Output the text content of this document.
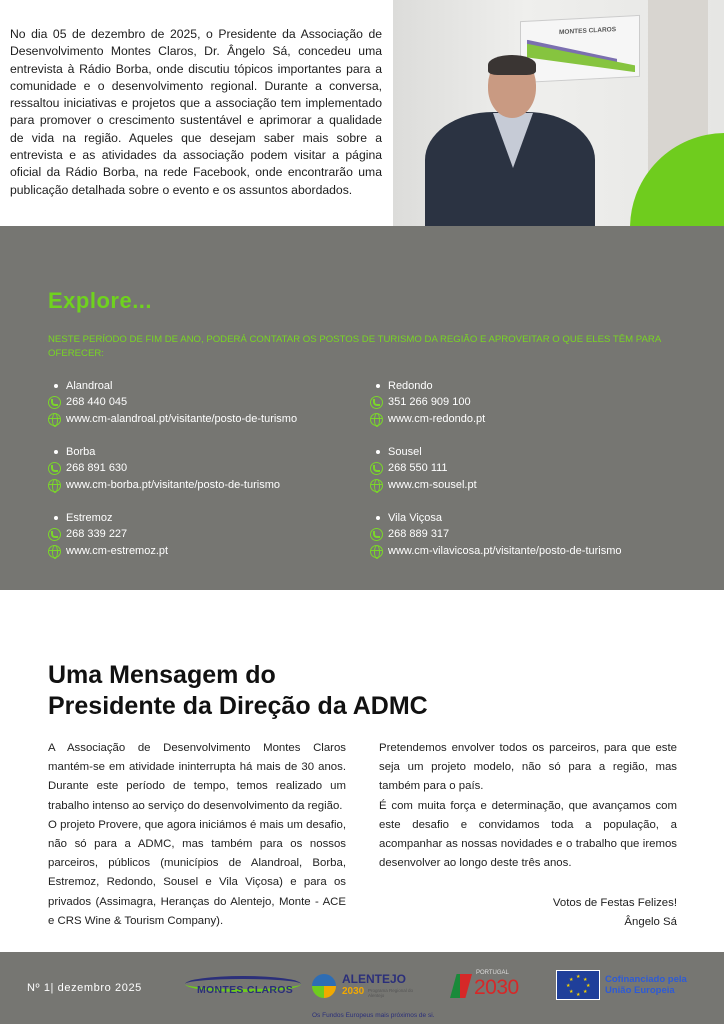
No dia 05 de dezembro de 2025, o Presidente da Associação de Desenvolvimento Montes Claros, Dr. Ângelo Sá, concedeu uma entrevista à Rádio Borba, onde discutiu tópicos importantes para a comunidade e o desenvolvimento regional. Durante a conversa, ressaltou iniciativas e projetos que a associação tem implementado para promover o crescimento sustentável e aprimorar a qualidade de vida na região. Aqueles que desejam saber mais sobre a entrevista e as atividades da associação podem visitar a página oficial da Rádio Borba, na rede Facebook, onde encontrarão uma publicação detalhada sobre o evento e os assuntos abordados.

MONTES CLAROS
Explore...

NESTE PERÍODO DE FIM DE ANO, PODERÁ CONTATAR OS POSTOS DE TURISMO DA REGIÃO E APROVEITAR O QUE ELES TÊM PARA OFERECER:

Alandroal
268 440 045
www.cm-alandroal.pt/visitante/posto-de-turismo
Borba
268 891 630
www.cm-borba.pt/visitante/posto-de-turismo
Estremoz
268 339 227
www.cm-estremoz.pt
Redondo
351 266 909 100
www.cm-redondo.pt
Sousel
268 550 111
www.cm-sousel.pt
Vila Viçosa
268 889 317
www.cm-vilavicosa.pt/visitante/posto-de-turismo
Uma Mensagem do
Presidente da Direção da ADMC

A Associação de Desenvolvimento Montes Claros mantém-se em atividade ininterrupta há mais de 30 anos. Durante este período de tempo, temos realizado um trabalho intenso ao serviço do desenvolvimento da região.

O projeto Provere, que agora iniciámos é mais um desafio, não só para a ADMC, mas também para os nossos parceiros, públicos (municípios de Alandroal, Borba, Estremoz, Redondo, Sousel e Vila Viçosa) e para os privados (Assimagra, Heranças do Alentejo, Monte - ACE e CRS Wine & Tourism Company).

Pretendemos envolver todos os parceiros, para que este seja um projeto modelo, não só para a região, mas também para o país.

É com muita força e determinação, que avançamos com este desafio e convidamos toda a população, a acompanhar as nossas novidades e o trabalho que iremos desenvolver ao longo deste três anos.

Votos de Festas Felizes!
Ângelo Sá
Nº 1| dezembro 2025	MONTES CLAROS
ALENTEJO
2030 Programa Regional do Alentejo
PORTUGAL
2030	★ ★
★
★
★
★
★
★	Cofinanciado pela
União Europeia
Os Fundos Europeus mais próximos de si.
